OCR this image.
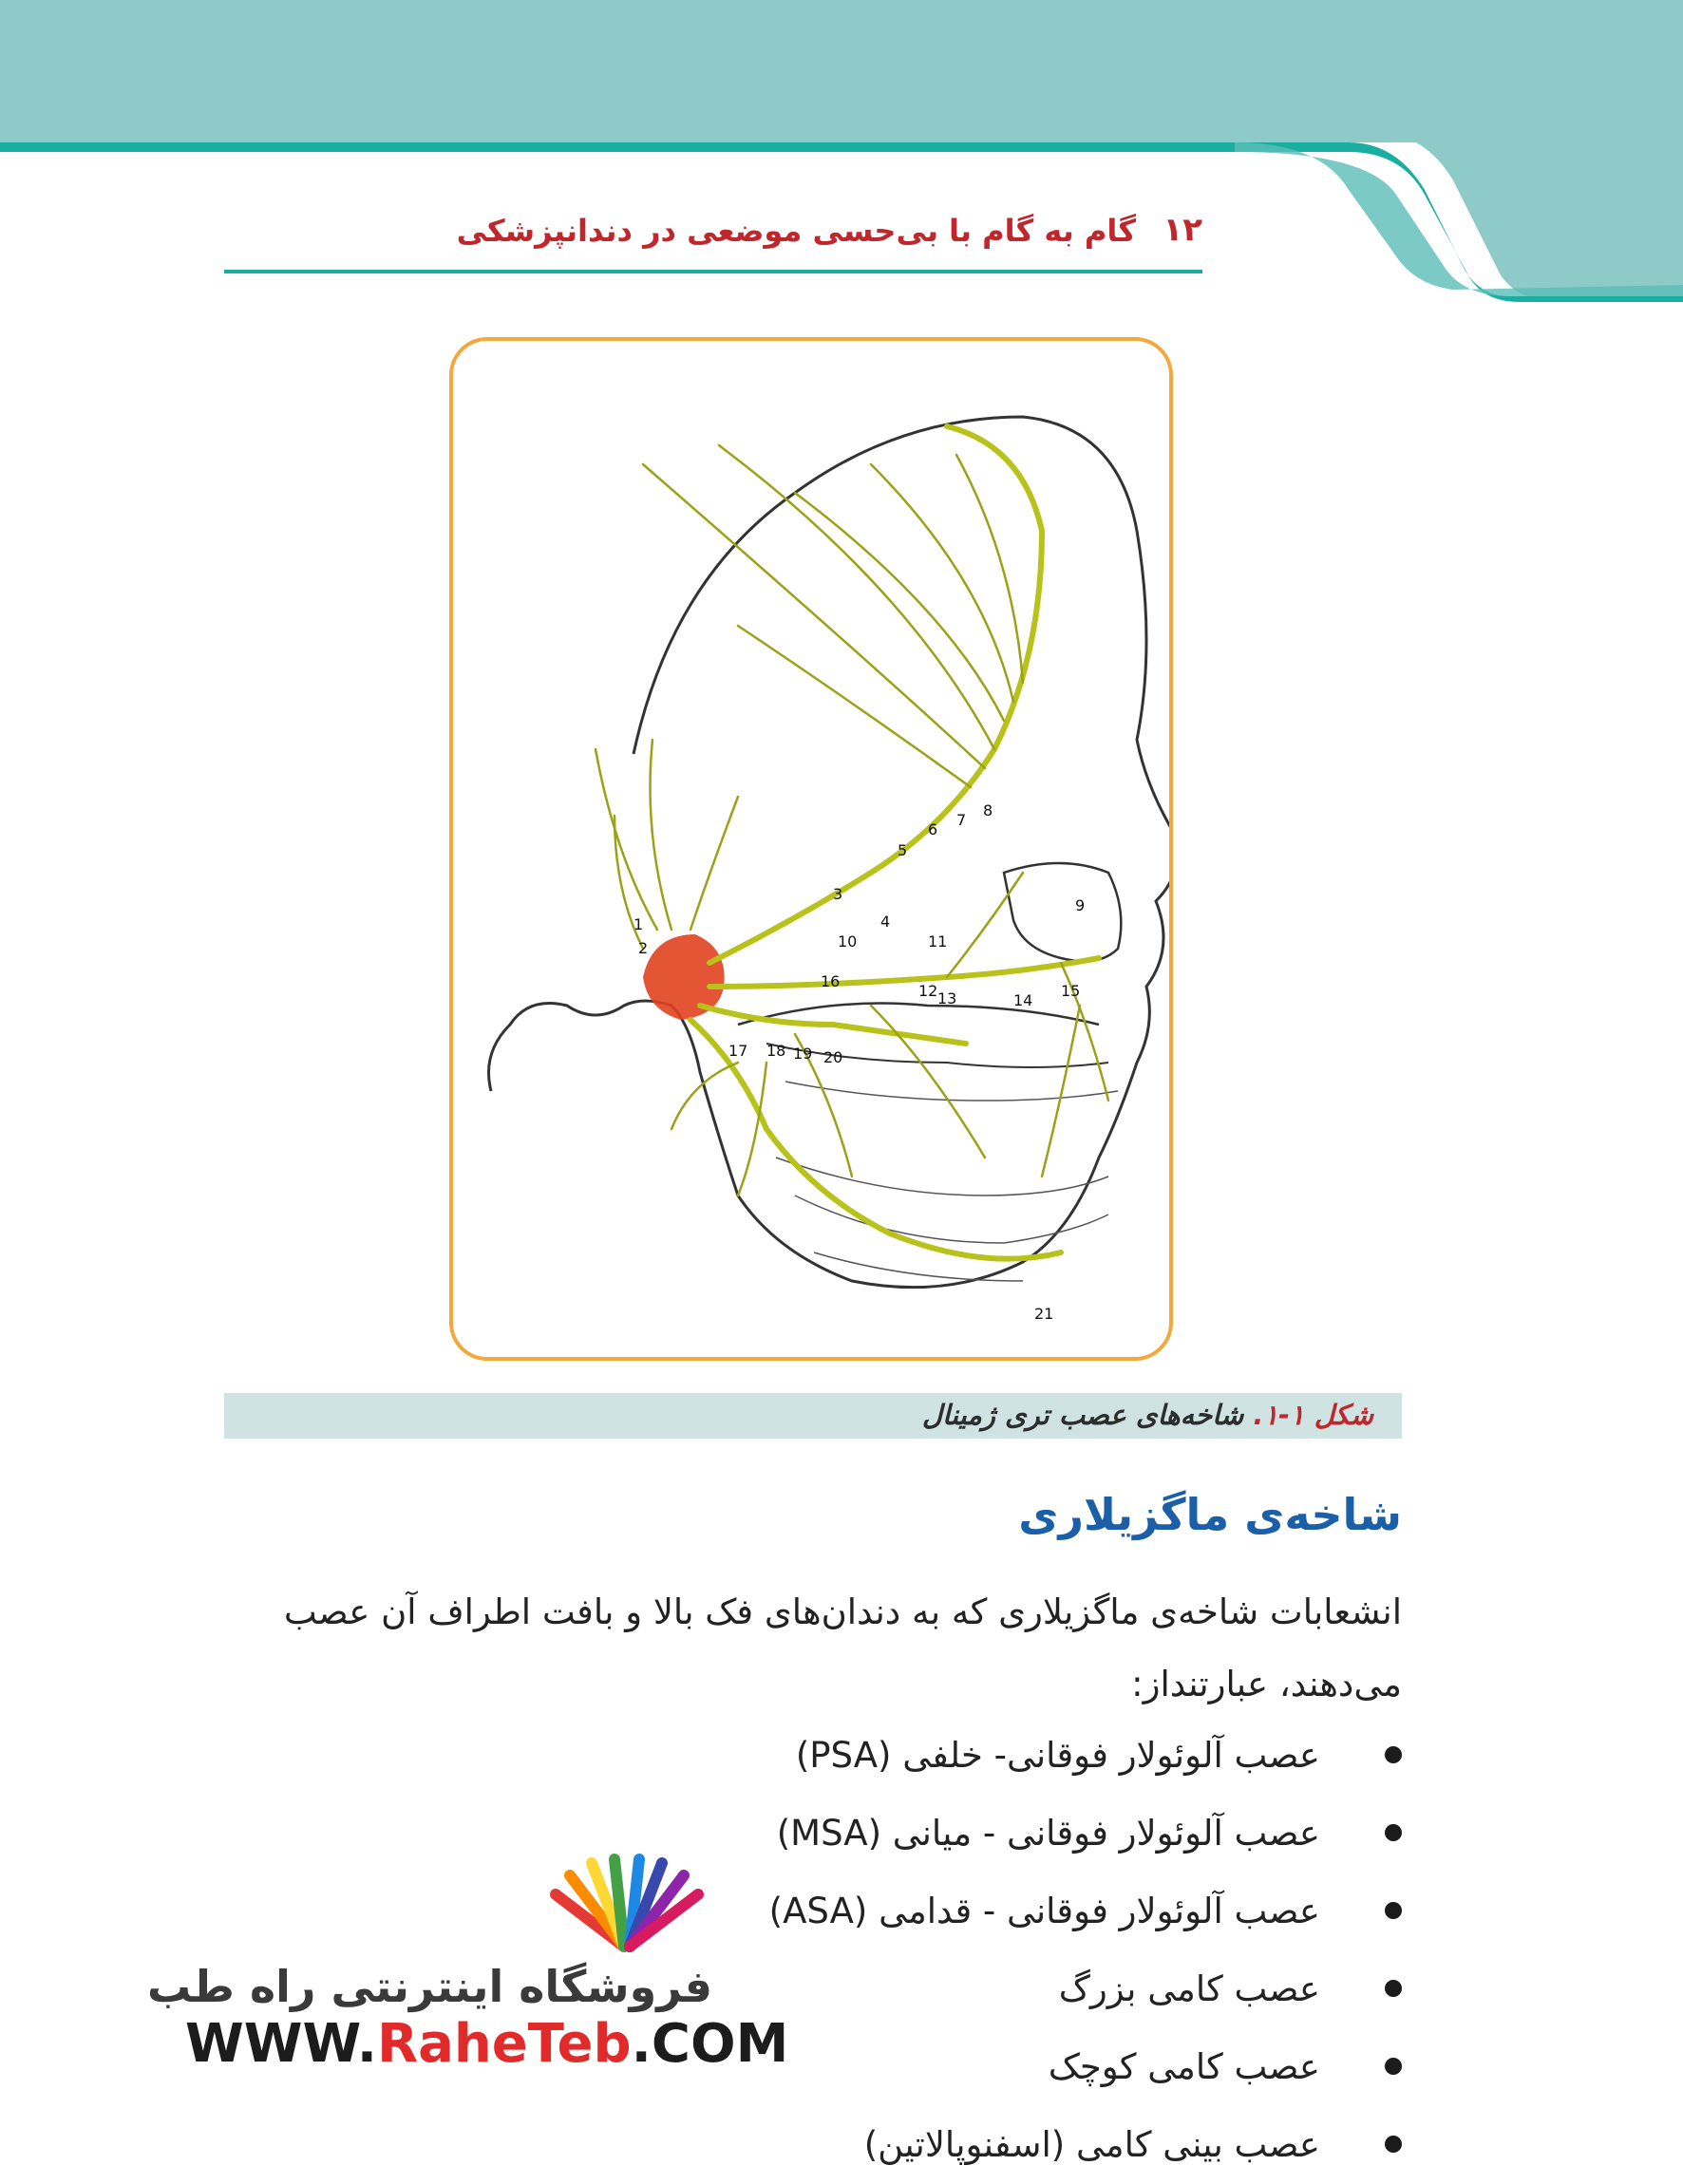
۱۲
گام به گام با بی‌حسی موضعی در دندانپزشکی
1
2
3
4
5
6
7
8
9
10	11
12 13	14
15
16
17 18 19 20
21
شکل ۱-۱. شاخه‌های عصب تری ژمینال
شاخه‌ی ماگزیلاری
انشعابات شاخه‌ی ماگزیلاری که به دندان‌های فک بالا و بافت اطراف آن عصب
می‌دهند، عبارتنداز:
عصب آلوئولار فوقانی- خلفی (PSA)
عصب آلوئولار فوقانی - میانی (MSA)
عصب آلوئولار فوقانی - قدامی (ASA)
عصب کامی بزرگ
عصب کامی کوچک
عصب بینی کامی (اسفنوپالاتین)
فروشگاه اینترنتی راه طب
WWW.RaheTeb.COM
